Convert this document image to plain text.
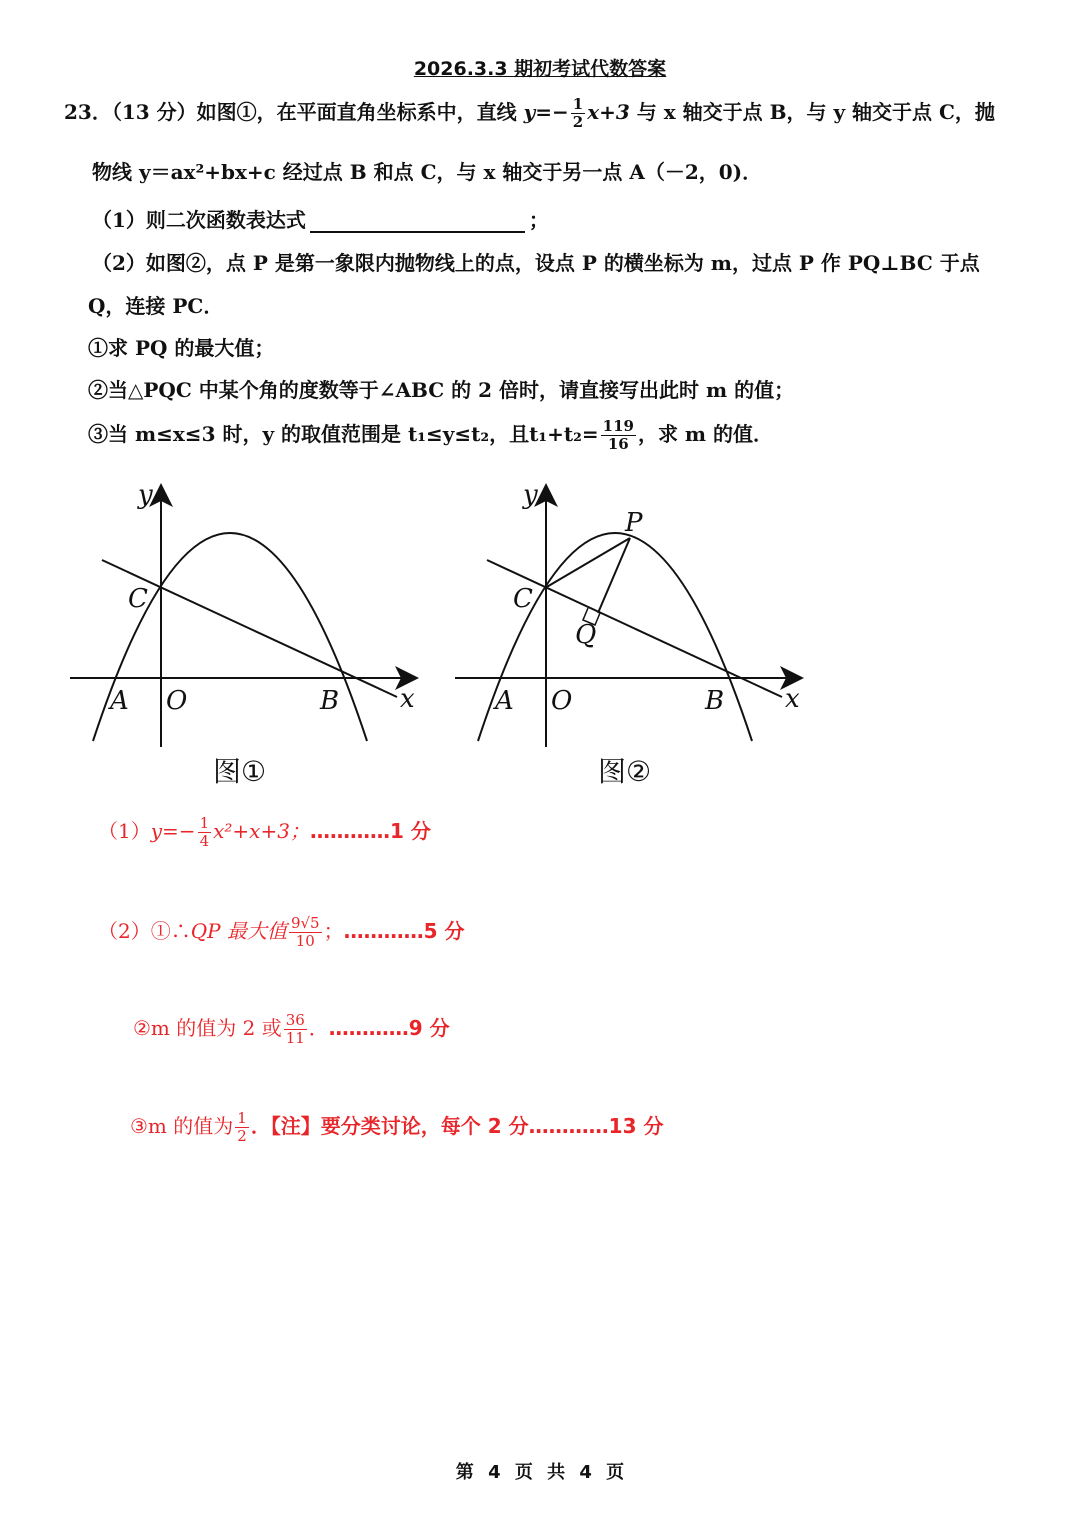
2026.3.3 期初考试代数答案
23．（13 分）如图①，在平面直角坐标系中，直线 $y=- \frac{1}{2} x+3$ 与 x 轴交于点 B，与 y 轴交于点 C，抛
物线 y＝ax²+bx+c 经过点 B 和点 C，与 x 轴交于另一点 A（－2，0)．
（1）则二次函数表达式	；
（2）如图②，点 P 是第一象限内抛物线上的点，设点 P 的横坐标为 m，过点 P 作 PQ⊥BC 于点
Q，连接 PC．
①求 PQ 的最大值；
②当△PQC 中某个角的度数等于∠ABC 的 2 倍时，请直接写出此时 m 的值；
③当 m≤x≤3 时，y 的取值范围是 t₁≤y≤t₂，且$t_1+t_2= \frac{119}{16}$ ，求 m 的值．
y
x
C
A O	B
图①
y
x
P
C
Q
A O	B
图②
$(1)y=- \frac{1}{4} x^2+x+3$；…………1 分
（2）①∴QP 最大值 $\frac{9√5}{10}$ ；…………5 分
②m 的值为 2 或 $\frac{36}{11}$ ．…………9 分
③m 的值为 $\frac{1}{2}$ ．【注】要分类讨论，每个 2 分…………13 分
第 4 页 共 4 页
